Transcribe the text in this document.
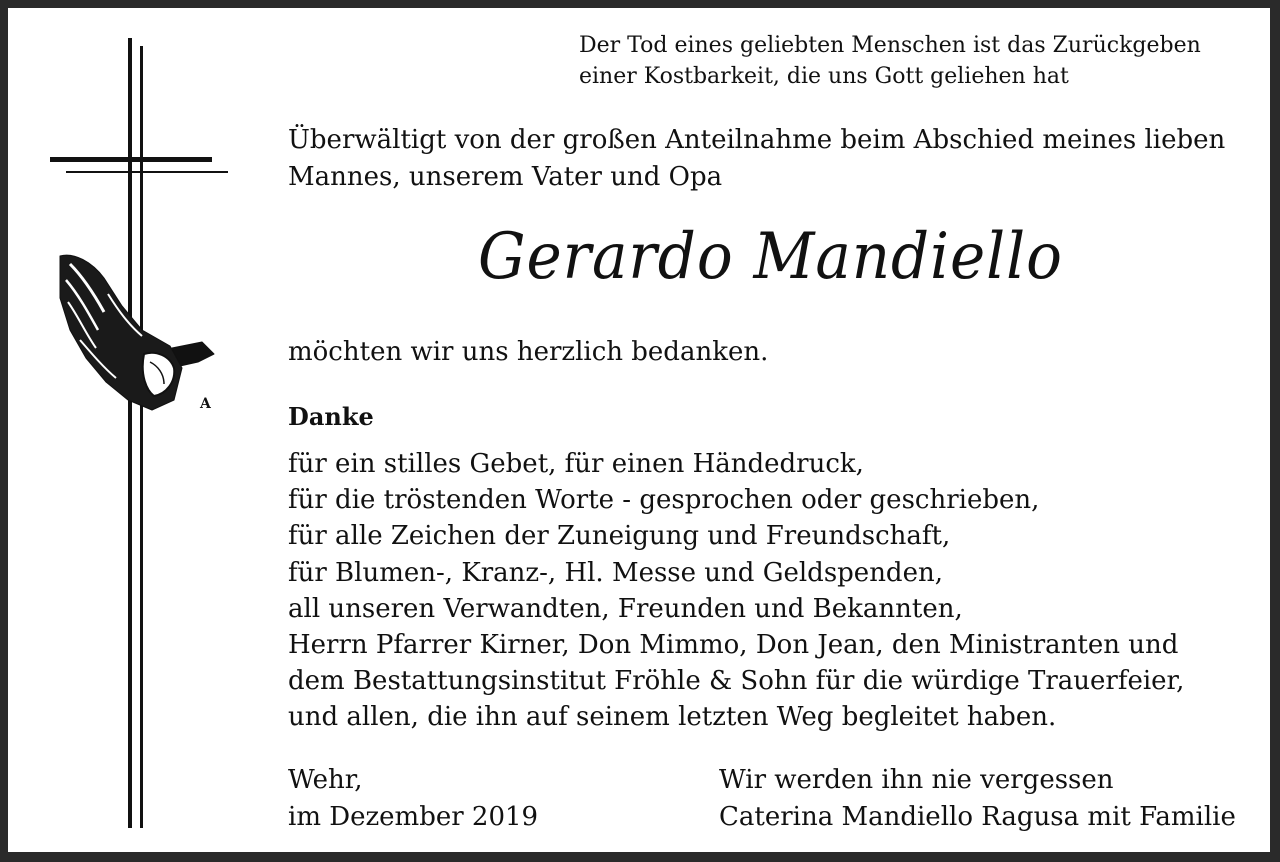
A
Der Tod eines geliebten Menschen ist das Zurückgeben
einer Kostbarkeit, die uns Gott geliehen hat
Überwältigt von der großen Anteilnahme beim Abschied meines lieben
Mannes, unserem Vater und Opa
Gerardo Mandiello
möchten wir uns herzlich bedanken.
Danke
für ein stilles Gebet, für einen Händedruck,
für die tröstenden Worte - gesprochen oder geschrieben,
für alle Zeichen der Zuneigung und Freundschaft,
für Blumen-, Kranz-, Hl. Messe und Geldspenden,
all unseren Verwandten, Freunden und Bekannten,
Herrn Pfarrer Kirner, Don Mimmo, Don Jean, den Ministranten und
dem Bestattungsinstitut Fröhle & Sohn für die würdige Trauerfeier,
und allen, die ihn auf seinem letzten Weg begleitet haben.
Wehr,
im Dezember 2019
Wir werden ihn nie vergessen
Caterina Mandiello Ragusa mit Familie
